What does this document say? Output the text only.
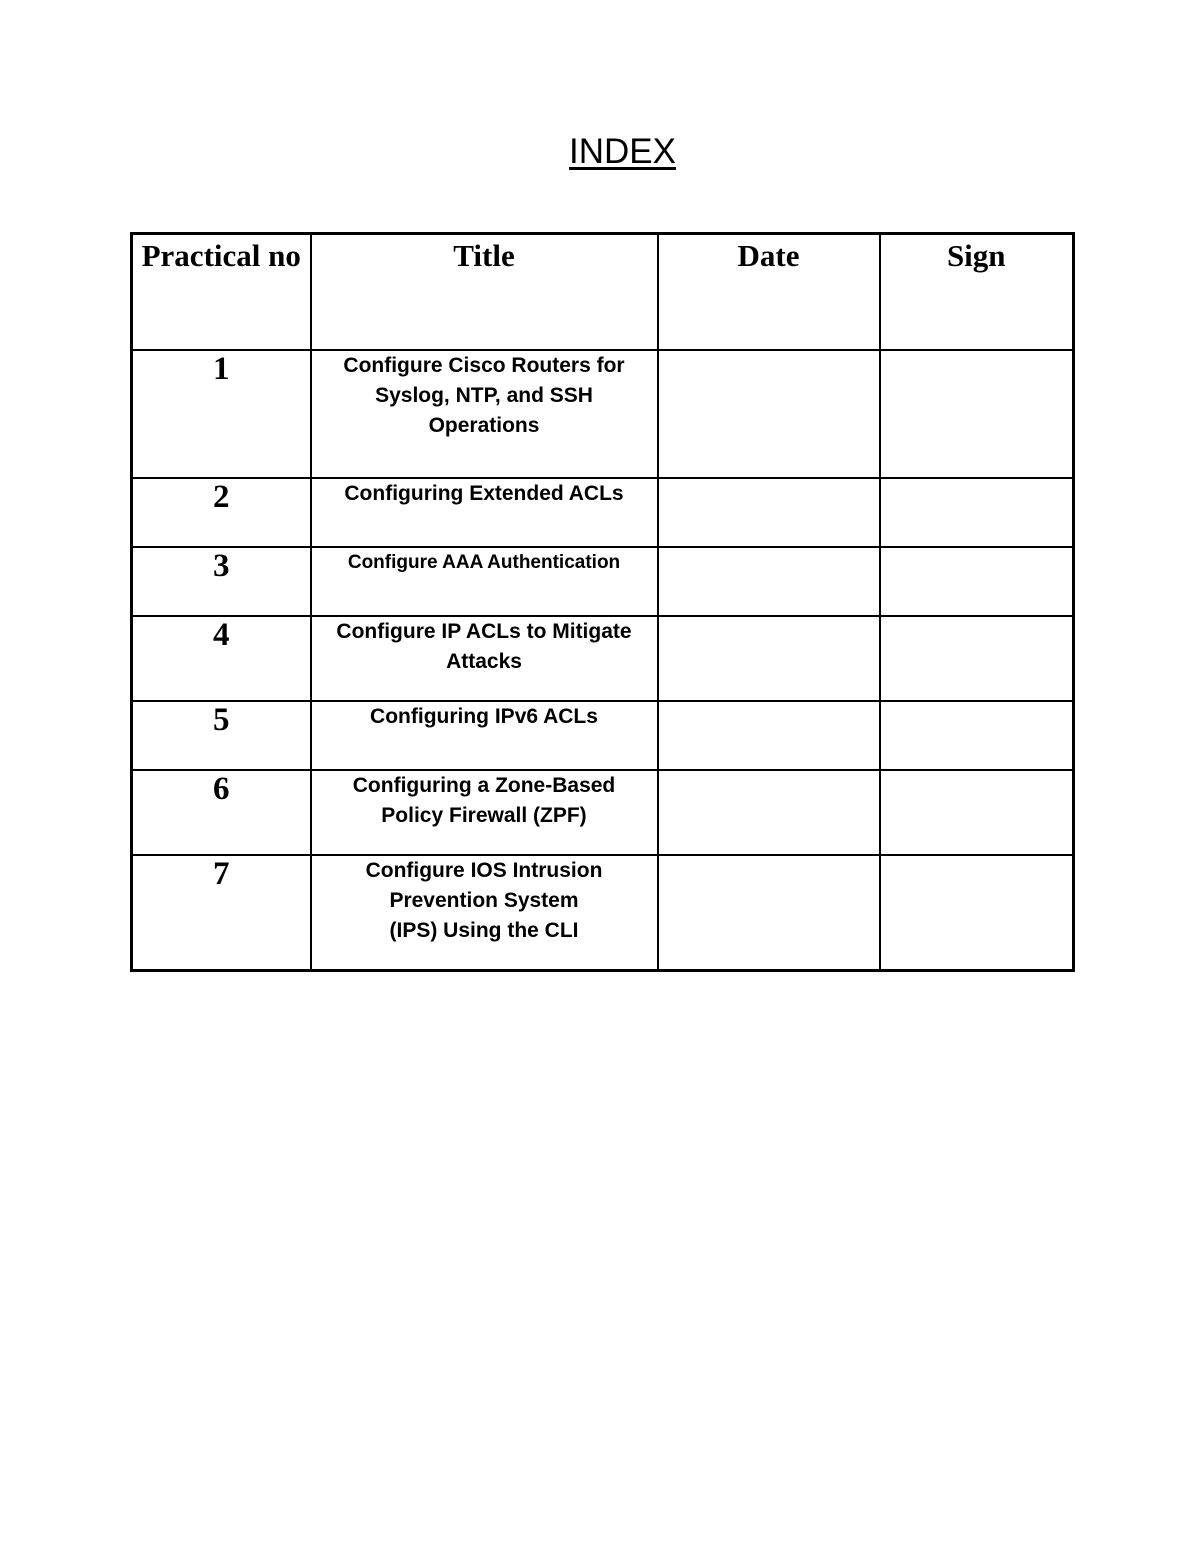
INDEX
Practical no	Title	Date	Sign
1	Configure Cisco Routers for
Syslog, NTP, and SSH
Operations		

2	Configuring Extended ACLs		

3	Configure AAA Authentication		

4	Configure IP ACLs to Mitigate
Attacks		

5	Configuring IPv6 ACLs		

6	Configuring a Zone-Based
Policy Firewall (ZPF)		

7	Configure IOS Intrusion
Prevention System
(IPS) Using the CLI		
